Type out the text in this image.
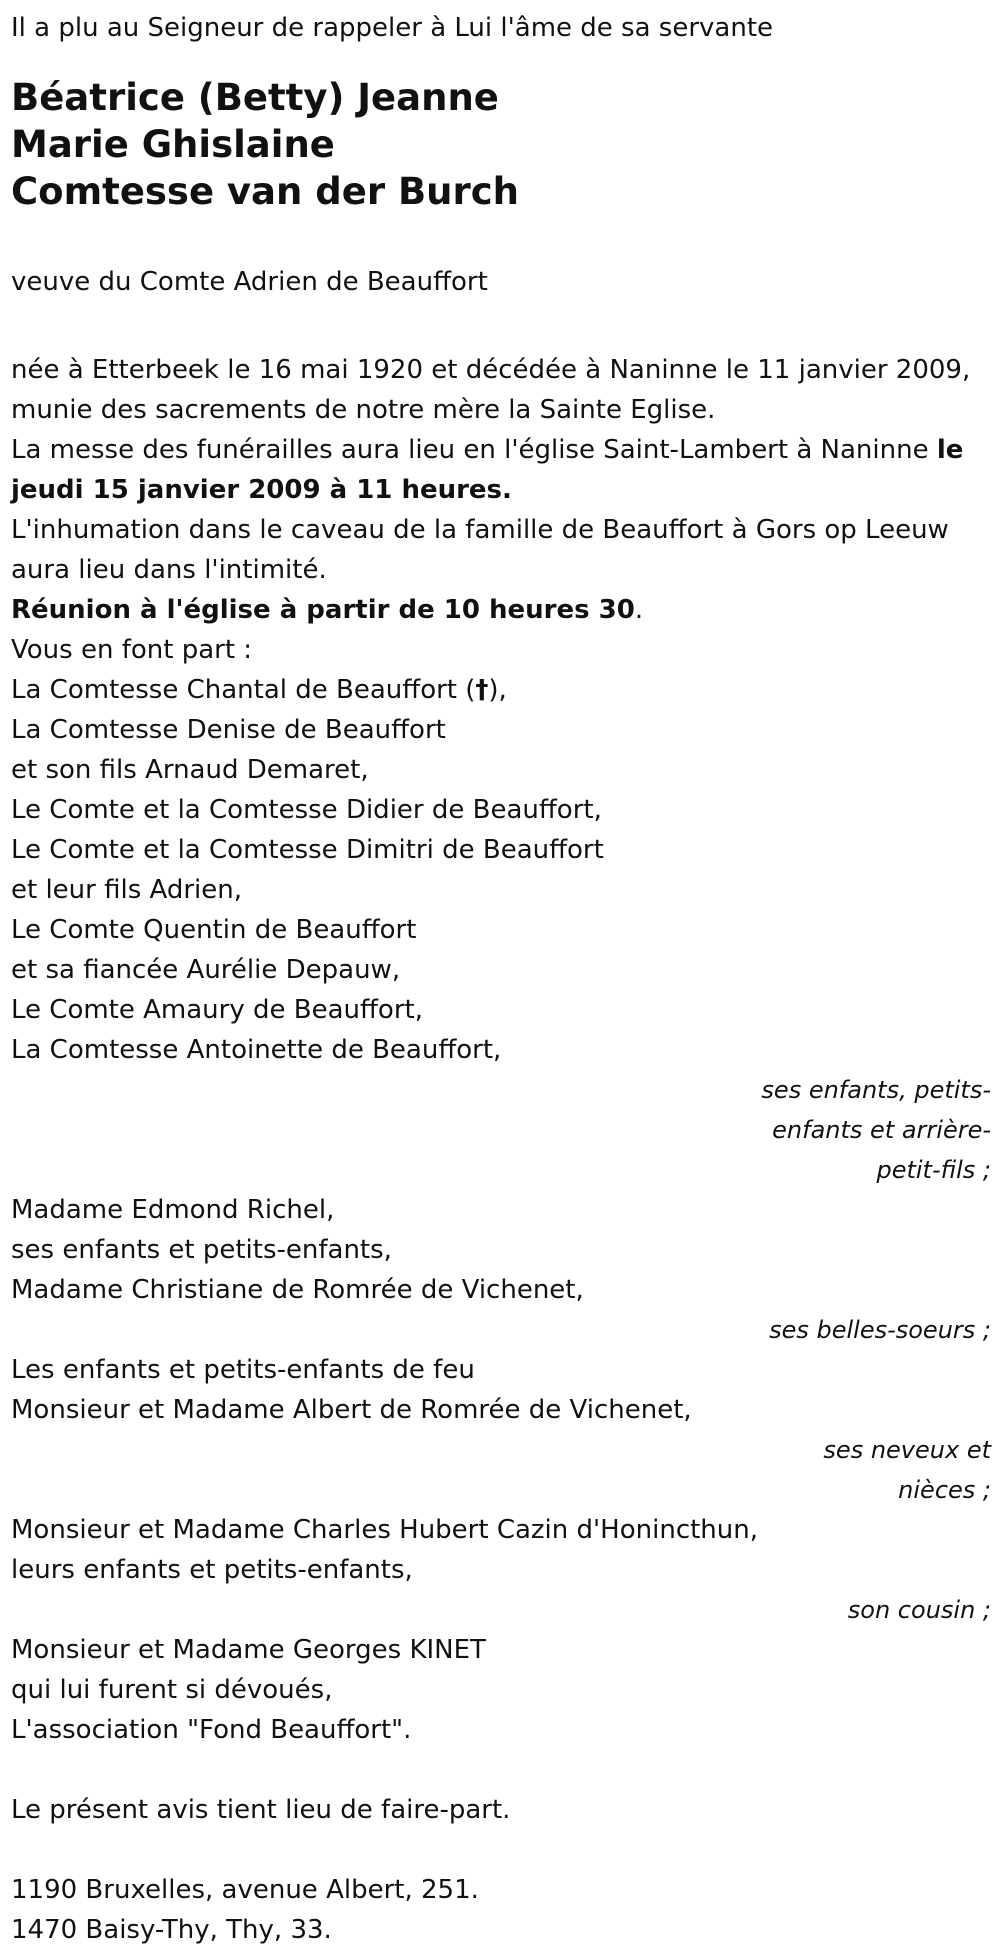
Il a plu au Seigneur de rappeler à Lui l'âme de sa servante
Béatrice (Betty) Jeanne
Marie Ghislaine
Comtesse van der Burch
veuve du Comte Adrien de Beauffort
née à Etterbeek le 16 mai 1920 et décédée à Naninne le 11 janvier 2009,
munie des sacrements de notre mère la Sainte Eglise.
La messe des funérailles aura lieu en l'église Saint-Lambert à Naninne le
jeudi 15 janvier 2009 à 11 heures.
L'inhumation dans le caveau de la famille de Beauffort à Gors op Leeuw
aura lieu dans l'intimité.
Réunion à l'église à partir de 10 heures 30.
Vous en font part :
La Comtesse Chantal de Beauffort (†),
La Comtesse Denise de Beauffort
et son fils Arnaud Demaret,
Le Comte et la Comtesse Didier de Beauffort,
Le Comte et la Comtesse Dimitri de Beauffort
et leur fils Adrien,
Le Comte Quentin de Beauffort
et sa fiancée Aurélie Depauw,
Le Comte Amaury de Beauffort,
La Comtesse Antoinette de Beauffort,
ses enfants, petits-
enfants et arrière-
petit-fils ;
Madame Edmond Richel,
ses enfants et petits-enfants,
Madame Christiane de Romrée de Vichenet,
ses belles-soeurs ;
Les enfants et petits-enfants de feu
Monsieur et Madame Albert de Romrée de Vichenet,
ses neveux et
nièces ;
Monsieur et Madame Charles Hubert Cazin d'Honincthun,
leurs enfants et petits-enfants,
son cousin ;
Monsieur et Madame Georges KINET
qui lui furent si dévoués,
L'association "Fond Beauffort".
Le présent avis tient lieu de faire-part.
1190 Bruxelles, avenue Albert, 251.
1470 Baisy-Thy, Thy, 33.
